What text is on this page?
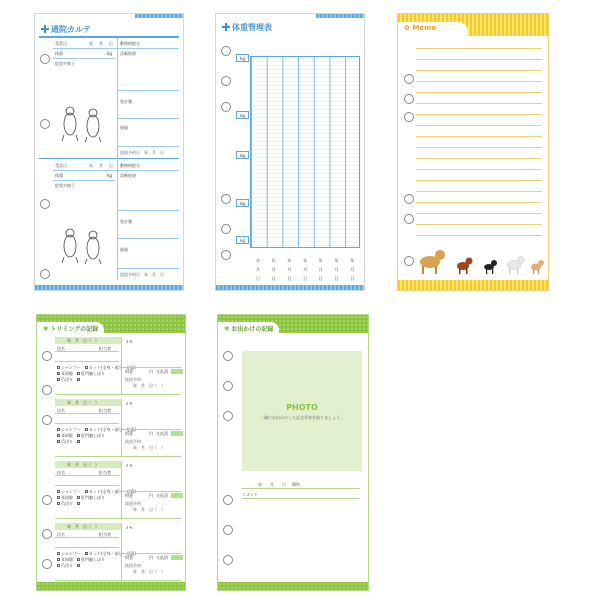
通院カルテ
受診日	年 月 日 動物病院名
体重	kg 診断結果
症状や様子
処方薬
経過
次回予約日　年　月　日
受診日	年 月 日 動物病院名
体重	kg 診断結果
症状や様子
処方薬
経過
次回予約日　年　月　日
体重管理表
kg
kg
kg
kg
kg
年
月
日
年
月
日
年
月
日
年
月
日
年
月
日
年
月
日
年
月
日
✿ Memo
♥ トリミングの記録
年　月　日（　）	メモ
店名	担当者
シャンプー　 カット(全身・部分・足裏)
耳掃除　 肛門腺しぼり
爪切り　
料金	円 支払済
次回予約
年　月　日（　）
年　月　日（　）	メモ
店名	担当者
シャンプー　 カット(全身・部分・足裏)
耳掃除　 肛門腺しぼり
爪切り　
料金	円 支払済
次回予約
年　月　日（　）
年　月　日（　）	メモ
店名	担当者
シャンプー　 カット(全身・部分・足裏)
耳掃除　 肛門腺しぼり
爪切り　
料金	円 支払済
次回予約
年　月　日（　）
年　月　日（　）	メモ
店名	担当者
シャンプー　 カット(全身・部分・足裏)
耳掃除　 肛門腺しぼり
爪切り　
料金	円 支払済
次回予約
年　月　日（　）
♥ お出かけの記録
PHOTO
一緒にお出かけした記念写真を貼りましょう。
年 月 日 場所
コメント
